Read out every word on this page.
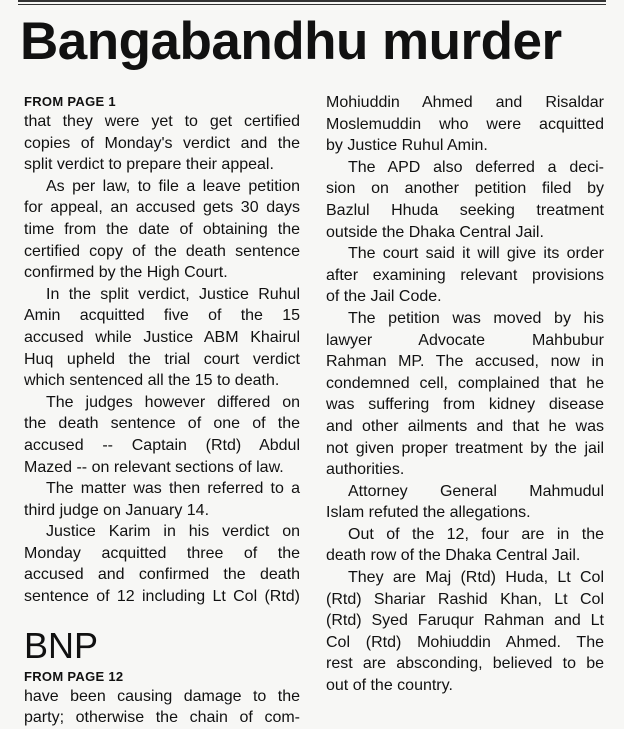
Bangabandhu murder
FROM PAGE 1
that they were yet to get certified
copies of Monday's verdict and the
split verdict to prepare their appeal.
As per law, to file a leave petition
for appeal, an accused gets 30 days
time from the date of obtaining the
certified copy of the death sentence
confirmed by the High Court.
In the split verdict, Justice Ruhul
Amin acquitted five of the 15
accused while Justice ABM Khairul
Huq upheld the trial court verdict
which sentenced all the 15 to death.
The judges however differed on
the death sentence of one of the
accused -- Captain (Rtd) Abdul
Mazed -- on relevant sections of law.
The matter was then referred to a
third judge on January 14.
Justice Karim in his verdict on
Monday acquitted three of the
accused and confirmed the death
sentence of 12 including Lt Col (Rtd)
BNP
FROM PAGE 12
have been causing damage to the
party; otherwise the chain of com-
Mohiuddin Ahmed and Risaldar
Moslemuddin who were acquitted
by Justice Ruhul Amin.
The APD also deferred a deci-
sion on another petition filed by
Bazlul Hhuda seeking treatment
outside the Dhaka Central Jail.
The court said it will give its order
after examining relevant provisions
of the Jail Code.
The petition was moved by his
lawyer Advocate Mahbubur
Rahman MP. The accused, now in
condemned cell, complained that he
was suffering from kidney disease
and other ailments and that he was
not given proper treatment by the jail
authorities.
Attorney General Mahmudul
Islam refuted the allegations.
Out of the 12, four are in the
death row of the Dhaka Central Jail.
They are Maj (Rtd) Huda, Lt Col
(Rtd) Shariar Rashid Khan, Lt Col
(Rtd) Syed Faruqur Rahman and Lt
Col (Rtd) Mohiuddin Ahmed. The
rest are absconding, believed to be
out of the country.
